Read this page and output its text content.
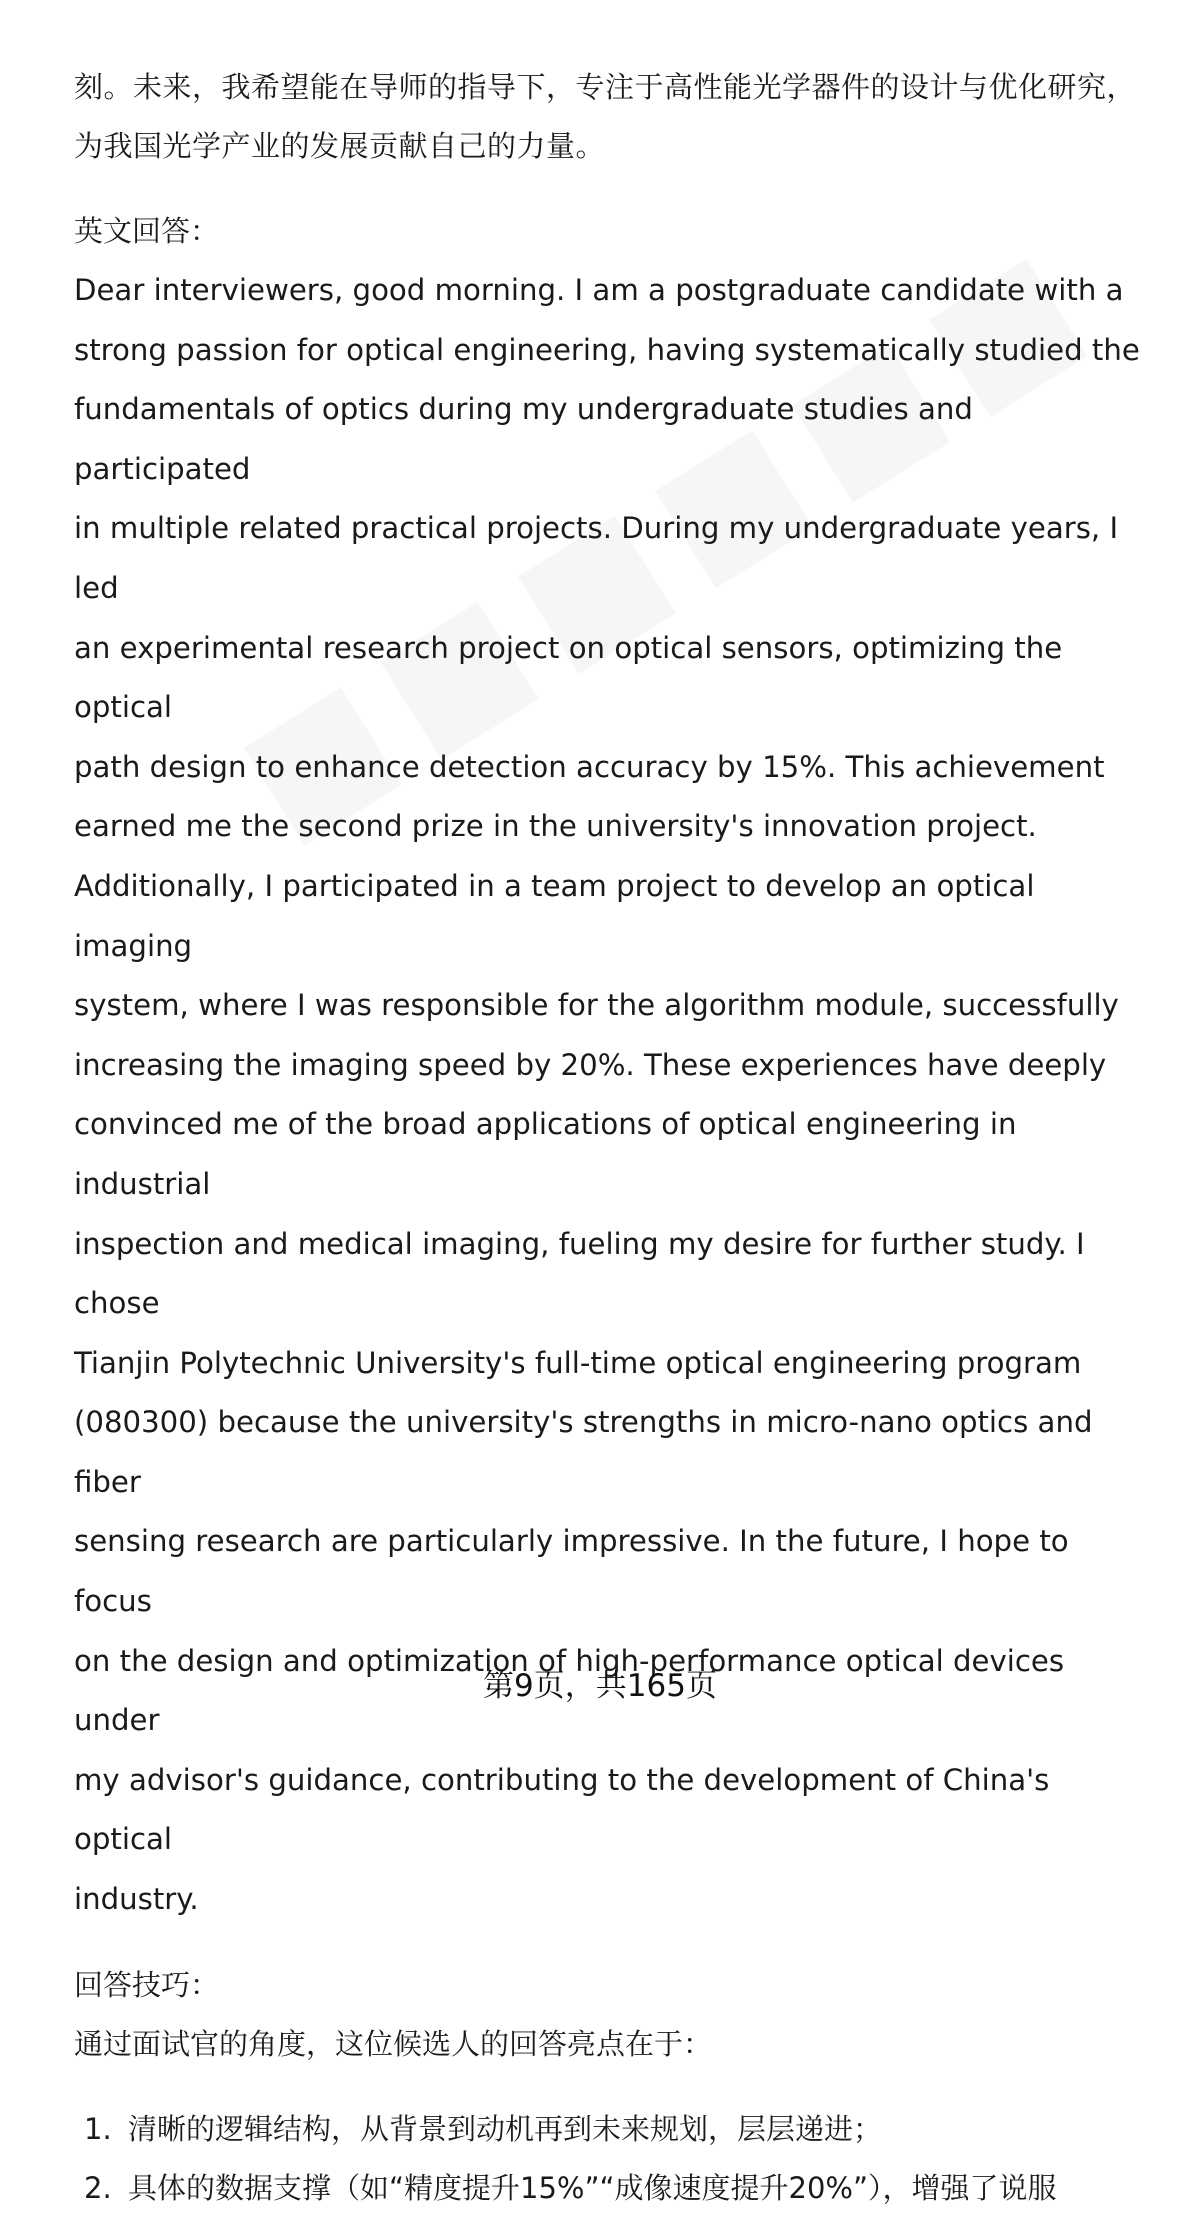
刻。未来，我希望能在导师的指导下，专注于高性能光学器件的设计与优化研究，

为我国光学产业的发展贡献自己的力量。

英文回答：

Dear interviewers, good morning. I am a postgraduate candidate with a

strong passion for optical engineering, having systematically studied the

fundamentals of optics during my undergraduate studies and participated

in multiple related practical projects. During my undergraduate years, I led

an experimental research project on optical sensors, optimizing the optical

path design to enhance detection accuracy by 15%. This achievement

earned me the second prize in the university's innovation project.

Additionally, I participated in a team project to develop an optical imaging

system, where I was responsible for the algorithm module, successfully

increasing the imaging speed by 20%. These experiences have deeply

convinced me of the broad applications of optical engineering in industrial

inspection and medical imaging, fueling my desire for further study. I chose

Tianjin Polytechnic University's full-time optical engineering program

(080300) because the university's strengths in micro-nano optics and fiber

sensing research are particularly impressive. In the future, I hope to focus

on the design and optimization of high-performance optical devices under

my advisor's guidance, contributing to the development of China's optical

industry.

回答技巧：

通过面试官的角度，这位候选人的回答亮点在于：

1. 清晰的逻辑结构，从背景到动机再到未来规划，层层递进；
2. 具体的数据支撑（如“精度提升15%”“成像速度提升20%”），增强了说服
第9页，共165页
